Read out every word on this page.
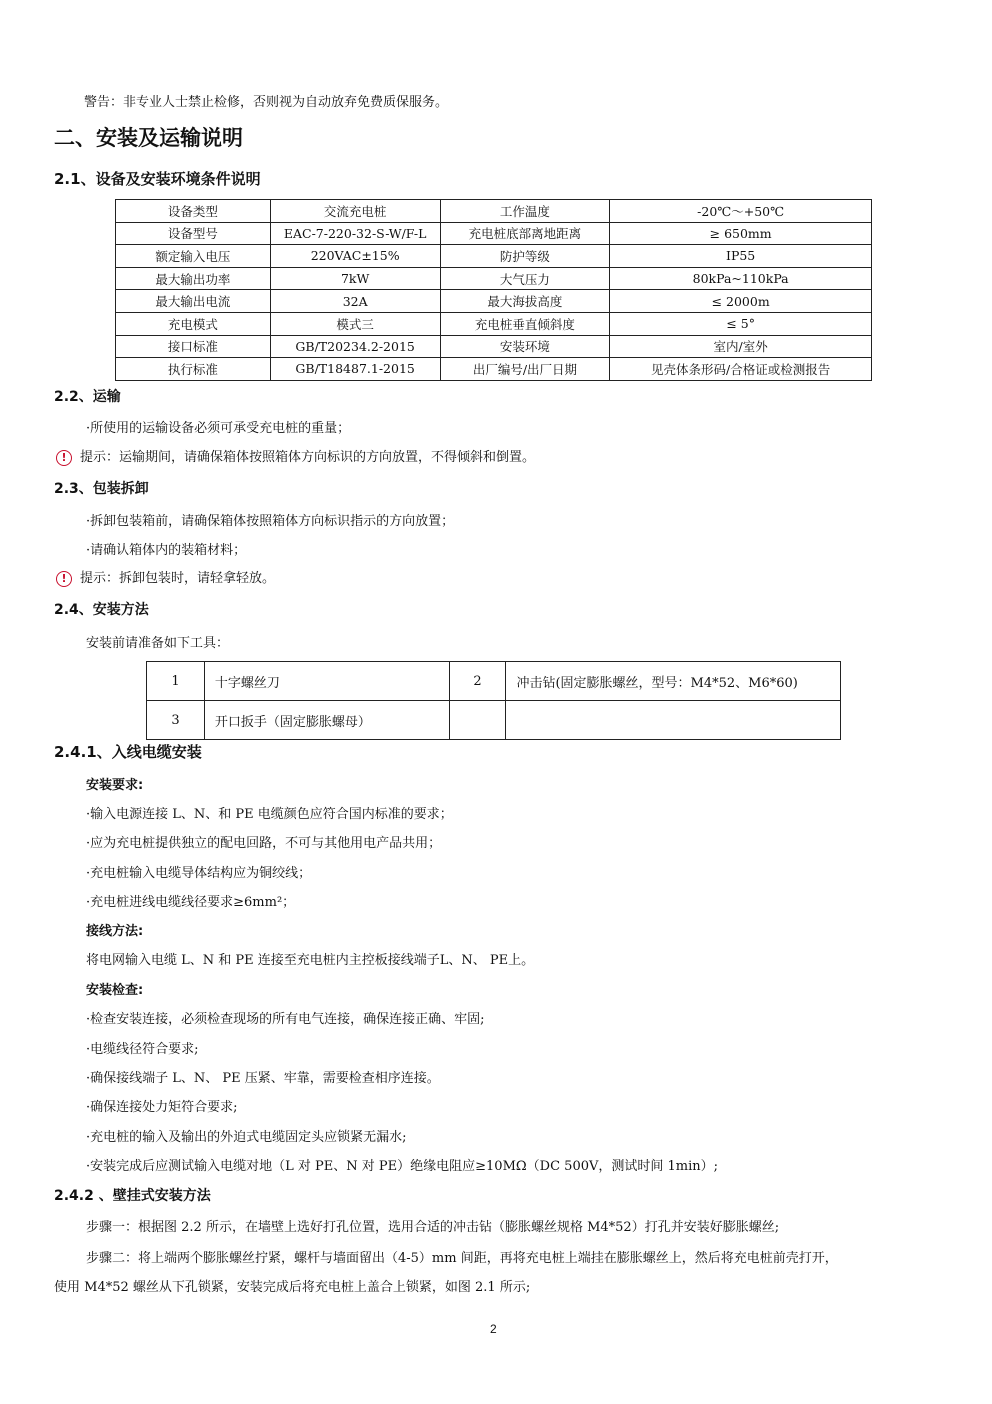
警告：非专业人士禁止检修，否则视为自动放弃免费质保服务。
二、安装及运输说明
2.1、设备及安装环境条件说明
设备类型	交流充电桩	工作温度	-20℃～+50℃
设备型号	EAC-7-220-32-S-W/F-L	充电桩底部离地距离	≥ 650mm
额定输入电压	220VAC±15%	防护等级	IP55
最大输出功率	7kW	大气压力	80kPa~110kPa
最大输出电流	32A	最大海拔高度	≤ 2000m
充电模式	模式三	充电桩垂直倾斜度	≤ 5°
接口标准	GB/T20234.2-2015	安装环境	室内/室外
执行标准	GB/T18487.1-2015	出厂编号/出厂日期	见壳体条形码/合格证或检测报告
2.2、运输
·所使用的运输设备必须可承受充电桩的重量；
! 提示：运输期间，请确保箱体按照箱体方向标识的方向放置，不得倾斜和倒置。
2.3、包装拆卸
·拆卸包装箱前，请确保箱体按照箱体方向标识指示的方向放置；
·请确认箱体内的装箱材料；
! 提示：拆卸包装时，请轻拿轻放。
2.4、安装方法
安装前请准备如下工具：
1	十字螺丝刀	2	冲击钻(固定膨胀螺丝，型号：M4*52、M6*60)
3	开口扳手（固定膨胀螺母）		
2.4.1、入线电缆安装
安装要求:
·输入电源连接 L、N、和 PE 电缆颜色应符合国内标准的要求；
·应为充电桩提供独立的配电回路，不可与其他用电产品共用；
·充电桩输入电缆导体结构应为铜绞线；
·充电桩进线电缆线径要求≥6mm²；
接线方法:
将电网输入电缆 L、N 和 PE 连接至充电桩内主控板接线端子L、N、 PE上。
安装检查:
·检查安装连接，必须检查现场的所有电气连接，确保连接正确、牢固;
·电缆线径符合要求;
·确保接线端子 L、N、 PE 压紧、牢靠，需要检查相序连接。
·确保连接处力矩符合要求;
·充电桩的输入及输出的外迫式电缆固定头应锁紧无漏水;
·安装完成后应测试输入电缆对地（L 对 PE、N 对 PE）绝缘电阻应≥10MΩ（DC 500V，测试时间 1min）;
2.4.2 、壁挂式安装方法
步骤一：根据图 2.2 所示，在墙壁上选好打孔位置，选用合适的冲击钻（膨胀螺丝规格 M4*52）打孔并安装好膨胀螺丝;
步骤二：将上端两个膨胀螺丝拧紧，螺杆与墙面留出（4-5）mm 间距，再将充电桩上端挂在膨胀螺丝上，然后将充电桩前壳打开，
使用 M4*52 螺丝从下孔锁紧，安装完成后将充电桩上盖合上锁紧，如图 2.1 所示;
2
